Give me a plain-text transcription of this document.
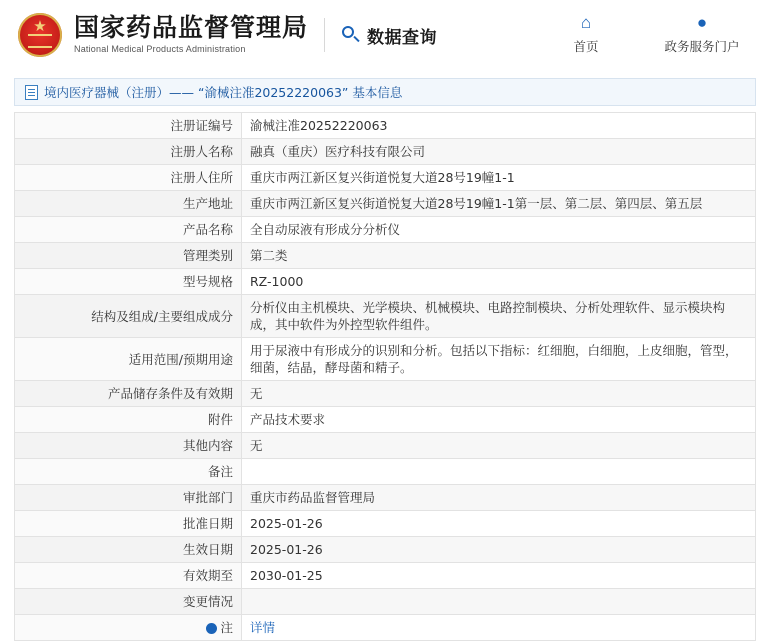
★
国家药品监督管理局
National Medical Products Administration
数据查询
⌂
首页
●
政务服务门户
境内医疗器械（注册）—— “渝械注准20252220063” 基本信息
注册证编号	渝械注准20252220063
注册人名称	融真（重庆）医疗科技有限公司
注册人住所	重庆市两江新区复兴街道悦复大道28号19幢1-1
生产地址	重庆市两江新区复兴街道悦复大道28号19幢1-1第一层、第二层、第四层、第五层
产品名称	全自动尿液有形成分分析仪
管理类别	第二类
型号规格	RZ-1000
结构及组成/主要组成成分	分析仪由主机模块、光学模块、机械模块、电路控制模块、分析处理软件、显示模块构成，其中软件为外控型软件组件。
适用范围/预期用途	用于尿液中有形成分的识别和分析。包括以下指标：红细胞，白细胞，上皮细胞，管型，细菌，结晶，酵母菌和精子。
产品储存条件及有效期	无
附件	产品技术要求
其他内容	无
备注	
审批部门	重庆市药品监督管理局
批准日期	2025-01-26
生效日期	2025-01-26
有效期至	2030-01-25
变更情况	
注	详情
